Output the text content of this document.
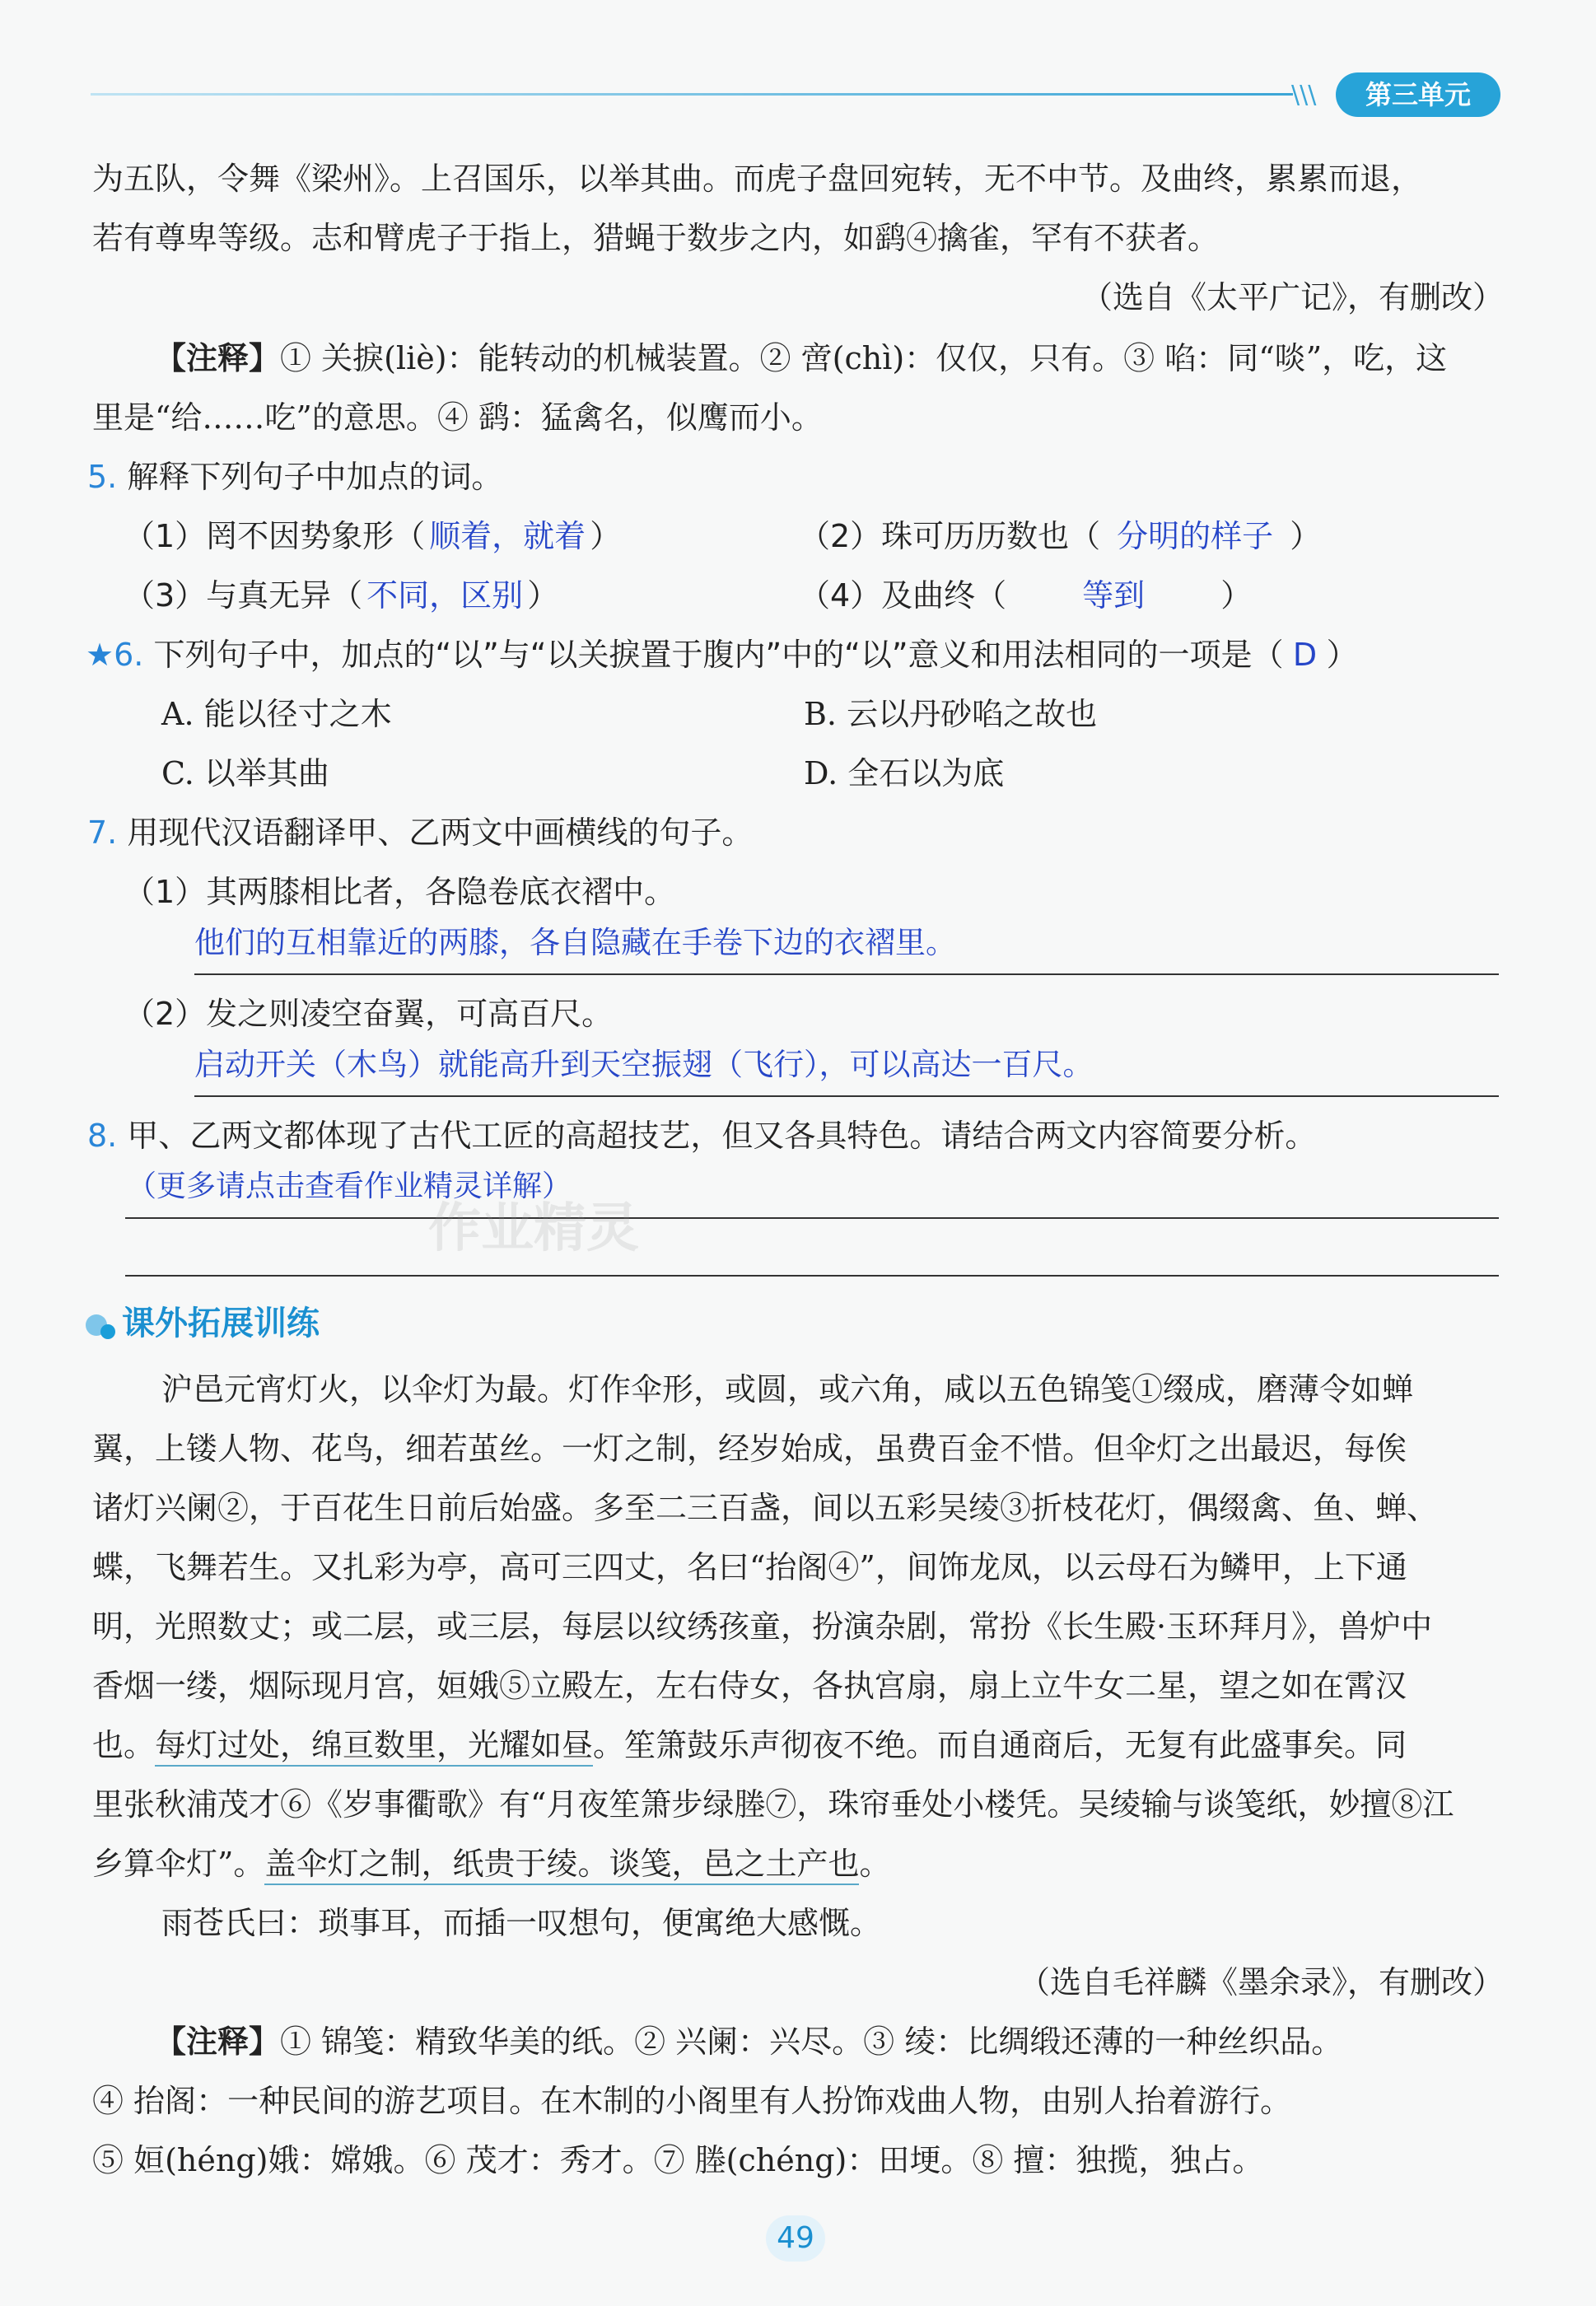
\\\	第三单元
为五队，令舞《梁州》。上召国乐，以举其曲。而虎子盘回宛转，无不中节。及曲终，累累而退，
若有尊卑等级。志和臂虎子于指上，猎蝇于数步之内，如鹞④擒雀，罕有不获者。
（选自《太平广记》，有删改）
【注释】① 关捩(liè)：能转动的机械装置。② 啻(chì)：仅仅，只有。③ 啗：同“啖”，吃，这
里是“给……吃”的意思。④ 鹞：猛禽名，似鹰而小。
5. 解释下列句子中加点的词。
（1）罔不因势象形（ 顺着，就着 ）	（2）珠可历历数也（ 分明的样子 ）
（3）与真无异（ 不同，区别 ）	（4）及曲终（ 等到 ）
★6. 下列句子中，加点的“以”与“以关捩置于腹内”中的“以”意义和用法相同的一项是（ D ）
A. 能以径寸之木	B. 云以丹砂啗之故也
C. 以举其曲	D. 全石以为底
7. 用现代汉语翻译甲、乙两文中画横线的句子。
（1）其两膝相比者，各隐卷底衣褶中。
他们的互相靠近的两膝，各自隐藏在手卷下边的衣褶里。
（2）发之则凌空奋翼，可高百尺。
启动开关（木鸟）就能高升到天空振翅（飞行），可以高达一百尺。
8. 甲、乙两文都体现了古代工匠的高超技艺，但又各具特色。请结合两文内容简要分析。
（更多请点击查看作业精灵详解）
课外拓展训练
沪邑元宵灯火，以伞灯为最。灯作伞形，或圆，或六角，咸以五色锦笺①缀成，磨薄令如蝉
翼，上镂人物、花鸟，细若茧丝。一灯之制，经岁始成，虽费百金不惜。但伞灯之出最迟，每俟
诸灯兴阑②，于百花生日前后始盛。多至二三百盏，间以五彩吴绫③折枝花灯，偶缀禽、鱼、蝉、
蝶，飞舞若生。又扎彩为亭，高可三四丈，名曰“抬阁④”，间饰龙凤，以云母石为鳞甲，上下通
明，光照数丈；或二层，或三层，每层以纹绣孩童，扮演杂剧，常扮《长生殿·玉环拜月》，兽炉中
香烟一缕，烟际现月宫，姮娥⑤立殿左，左右侍女，各执宫扇，扇上立牛女二星，望之如在霄汉
也。每灯过处，绵亘数里，光耀如昼。笙箫鼓乐声彻夜不绝。而自通商后，无复有此盛事矣。同
里张秋浦茂才⑥《岁事衢歌》有“月夜笙箫步绿塍⑦，珠帘垂处小楼凭。吴绫输与谈笺纸，妙擅⑧江
乡算伞灯”。盖伞灯之制，纸贵于绫。谈笺，邑之土产也。
雨苍氏曰：琐事耳，而插一叹想句，便寓绝大感慨。
（选自毛祥麟《墨余录》，有删改）
【注释】① 锦笺：精致华美的纸。② 兴阑：兴尽。③ 绫：比绸缎还薄的一种丝织品。
④ 抬阁：一种民间的游艺项目。在木制的小阁里有人扮饰戏曲人物，由别人抬着游行。
⑤ 姮(héng)娥：嫦娥。⑥ 茂才：秀才。⑦ 塍(chéng)：田埂。⑧ 擅：独揽，独占。
49
作业精灵
